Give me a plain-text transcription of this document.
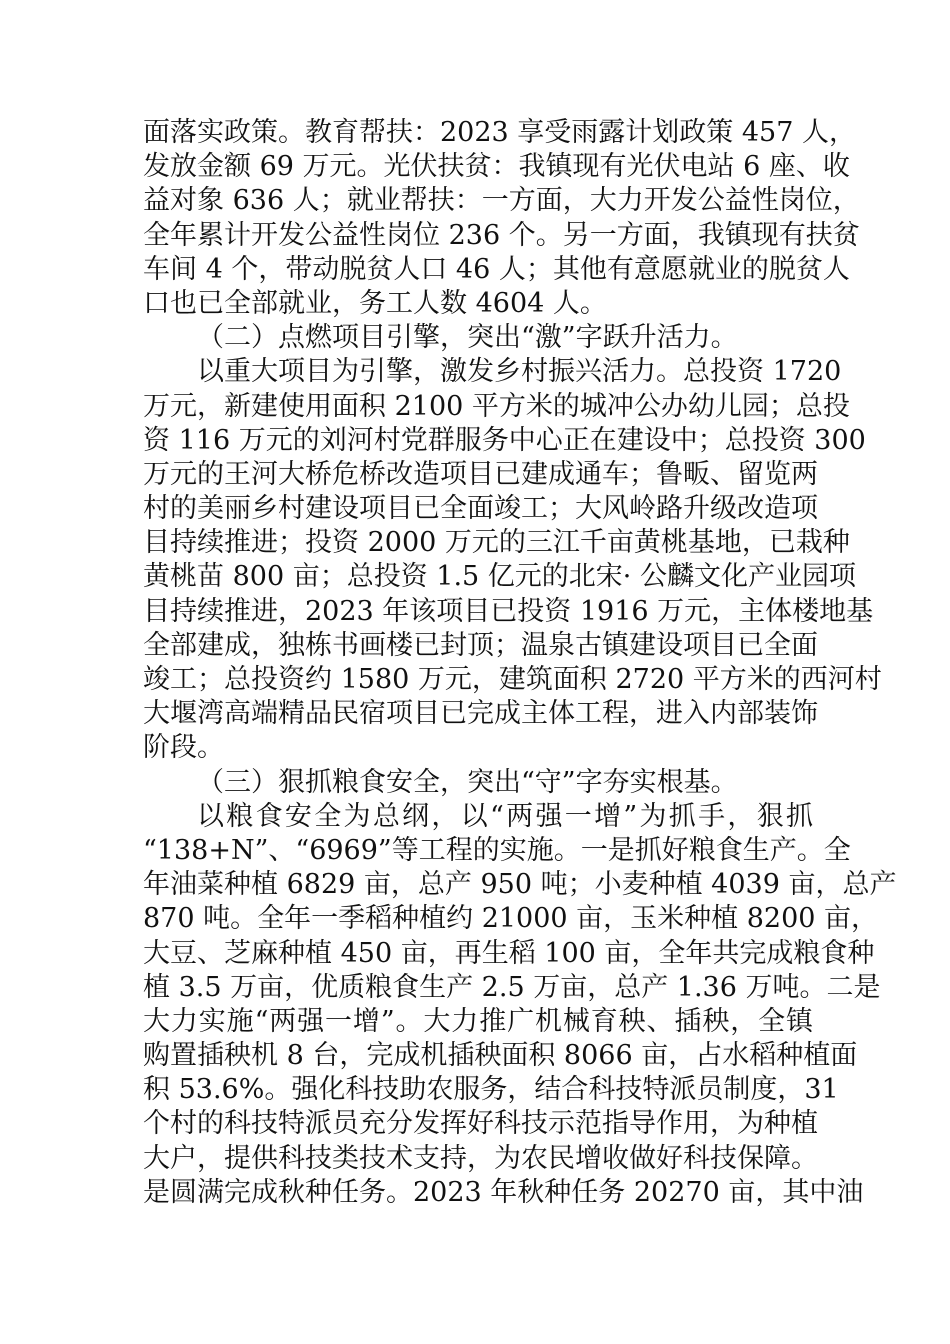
面落实政策。教育帮扶：2023 享受雨露计划政策 457 人，
发放金额 69 万元。光伏扶贫：我镇现有光伏电站 6 座、收
益对象 636 人；就业帮扶：一方面，大力开发公益性岗位，
全年累计开发公益性岗位 236 个。另一方面，我镇现有扶贫
车间 4 个，带动脱贫人口 46 人；其他有意愿就业的脱贫人
口也已全部就业，务工人数 4604 人。
（二）点燃项目引擎，突出“激”字跃升活力。
以重大项目为引擎，激发乡村振兴活力。总投资 1720
万元，新建使用面积 2100 平方米的城冲公办幼儿园；总投
资 116 万元的刘河村党群服务中心正在建设中；总投资 300
万元的王河大桥危桥改造项目已建成通车；鲁畈、留览两
村的美丽乡村建设项目已全面竣工；大风岭路升级改造项
目持续推进；投资 2000 万元的三江千亩黄桃基地，已栽种
黄桃苗 800 亩；总投资 1.5 亿元的北宋· 公麟文化产业园项
目持续推进，2023 年该项目已投资 1916 万元，主体楼地基
全部建成，独栋书画楼已封顶；温泉古镇建设项目已全面
竣工；总投资约 1580 万元，建筑面积 2720 平方米的西河村
大堰湾高端精品民宿项目已完成主体工程，进入内部装饰
阶段。
（三）狠抓粮食安全，突出“守”字夯实根基。
以粮食安全为总纲，以“两强一增”为抓手，狠抓
“138+N”、“6969”等工程的实施。一是抓好粮食生产。全
年油菜种植 6829 亩，总产 950 吨；小麦种植 4039 亩，总产
870 吨。全年一季稻种植约 21000 亩，玉米种植 8200 亩，
大豆、芝麻种植 450 亩，再生稻 100 亩，全年共完成粮食种
植 3.5 万亩，优质粮食生产 2.5 万亩，总产 1.36 万吨。二是
大力实施“两强一增”。大力推广机械育秧、插秧，全镇
购置插秧机 8 台，完成机插秧面积 8066 亩，占水稻种植面
积 53.6%。强化科技助农服务，结合科技特派员制度，31
个村的科技特派员充分发挥好科技示范指导作用，为种植
大户，提供科技类技术支持，为农民增收做好科技保障。
是圆满完成秋种任务。2023 年秋种任务 20270 亩，其中油
